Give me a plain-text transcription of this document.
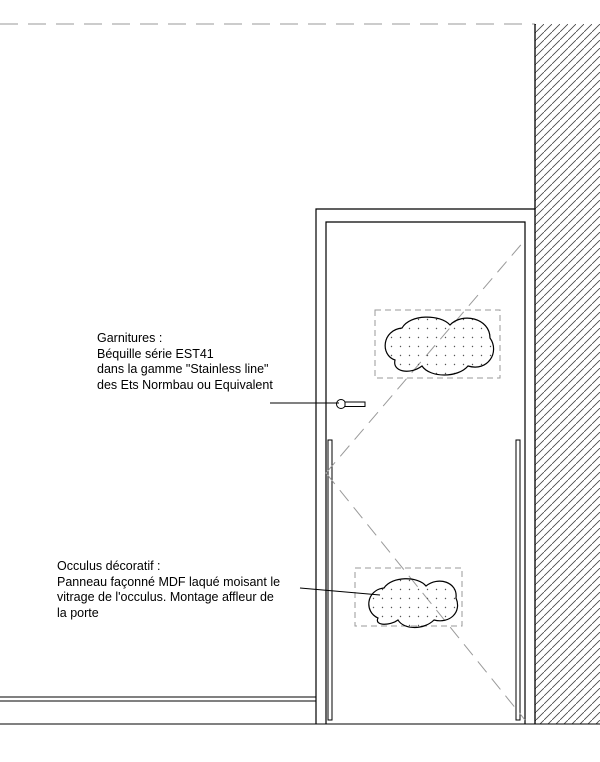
Garnitures :
Béquille série EST41
dans la gamme "Stainless line"
des Ets Normbau ou Equivalent
Occulus décoratif :
Panneau façonné MDF laqué moisant le
vitrage de l'occulus. Montage affleur de
la porte
